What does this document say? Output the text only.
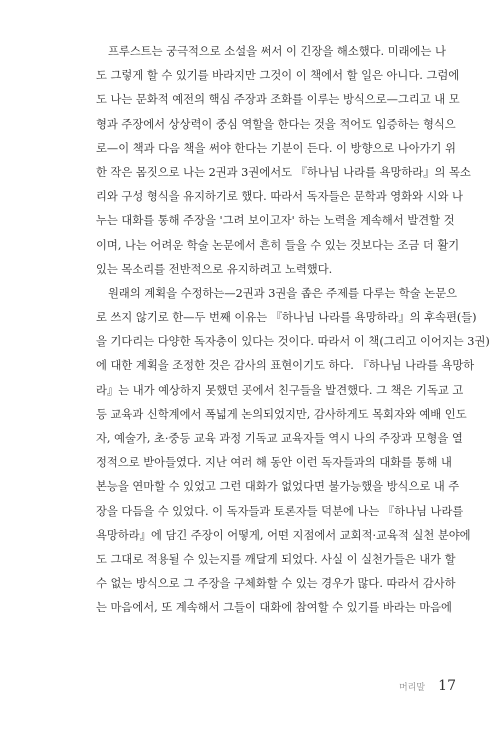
프루스트는 궁극적으로 소설을 써서 이 긴장을 해소했다. 미래에는 나
도 그렇게 할 수 있기를 바라지만 그것이 이 책에서 할 일은 아니다. 그럼에
도 나는 문화적 예전의 핵심 주장과 조화를 이루는 방식으로—그리고 내 모
형과 주장에서 상상력이 중심 역할을 한다는 것을 적어도 입증하는 형식으
로—이 책과 다음 책을 써야 한다는 기분이 든다. 이 방향으로 나아가기 위
한 작은 몸짓으로 나는 2권과 3권에서도 『하나님 나라를 욕망하라』의 목소
리와 구성 형식을 유지하기로 했다. 따라서 독자들은 문학과 영화와 시와 나
누는 대화를 통해 주장을 '그려 보이고자' 하는 노력을 계속해서 발견할 것
이며, 나는 어려운 학술 논문에서 흔히 들을 수 있는 것보다는 조금 더 활기
있는 목소리를 전반적으로 유지하려고 노력했다.
원래의 계획을 수정하는—2권과 3권을 좁은 주제를 다루는 학술 논문으
로 쓰지 않기로 한—두 번째 이유는 『하나님 나라를 욕망하라』의 후속편(들)
을 기다리는 다양한 독자층이 있다는 것이다. 따라서 이 책(그리고 이어지는 3권)
에 대한 계획을 조정한 것은 감사의 표현이기도 하다. 『하나님 나라를 욕망하
라』는 내가 예상하지 못했던 곳에서 친구들을 발견했다. 그 책은 기독교 고
등 교육과 신학계에서 폭넓게 논의되었지만, 감사하게도 목회자와 예배 인도
자, 예술가, 초·중등 교육 과정 기독교 교육자들 역시 나의 주장과 모형을 열
정적으로 받아들였다. 지난 여러 해 동안 이런 독자들과의 대화를 통해 내
본능을 연마할 수 있었고 그런 대화가 없었다면 불가능했을 방식으로 내 주
장을 다듬을 수 있었다. 이 독자들과 토론자들 덕분에 나는 『하나님 나라를
욕망하라』에 담긴 주장이 어떻게, 어떤 지점에서 교회적·교육적 실천 분야에
도 그대로 적용될 수 있는지를 깨달게 되었다. 사실 이 실천가들은 내가 할
수 없는 방식으로 그 주장을 구체화할 수 있는 경우가 많다. 따라서 감사하
는 마음에서, 또 계속해서 그들이 대화에 참여할 수 있기를 바라는 마음에
머리말 17
